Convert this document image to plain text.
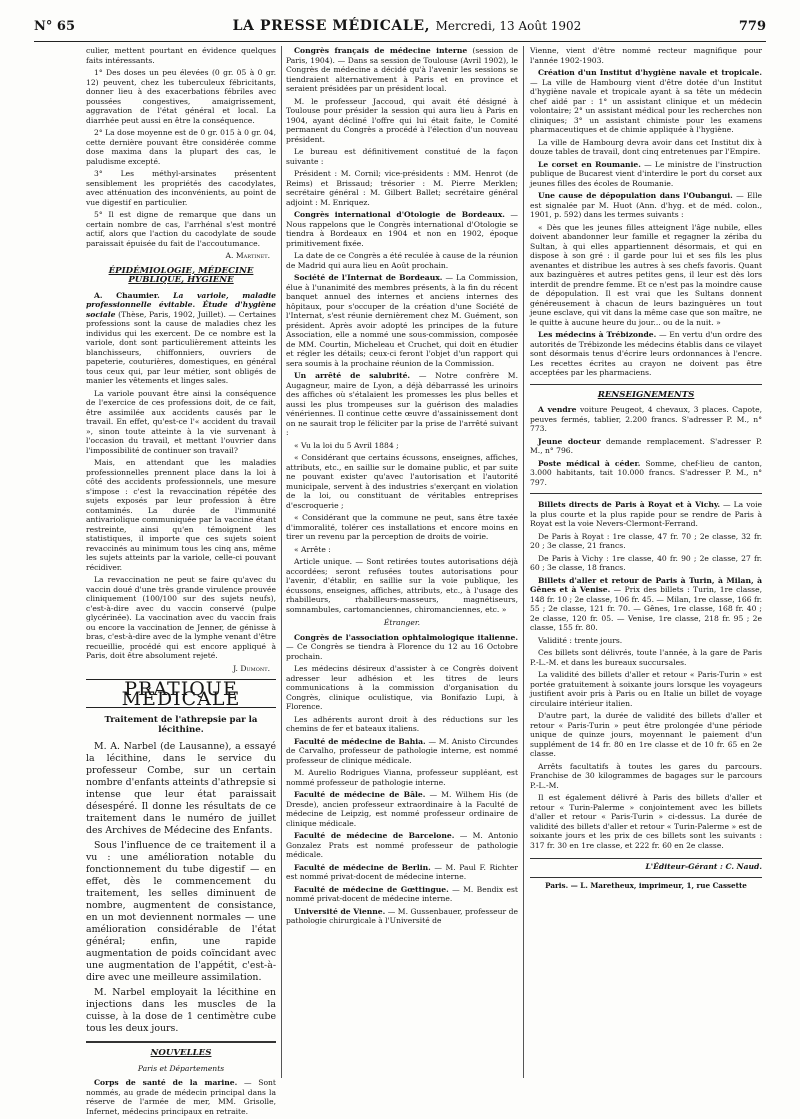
N° 65	LA PRESSE MÉDICALE, Mercredi, 13 Août 1902	779

culier, mettent pourtant en évidence quelques faits intéressants.

1° Des doses un peu élevées (0 gr. 05 à 0 gr. 12) peuvent, chez les tuberculeux fébricitants, donner lieu à des exacerbations fébriles avec poussées congestives, amaigrissement, aggravation de l'état général et local. La diarrhée peut aussi en être la conséquence.

2° La dose moyenne est de 0 gr. 015 à 0 gr. 04, cette dernière pouvant être considérée comme dose maxima dans la plupart des cas, le paludisme excepté.

3° Les méthyl-arsinates présentent sensiblement les propriétés des cacodylates, avec atténuation des inconvénients, au point de vue digestif en particulier.

5° Il est digne de remarque que dans un certain nombre de cas, l'arrhénal s'est montré actif, alors que l'action du cacodylate de soude paraissait épuisée du fait de l'accoutumance.

A. Martinet.
ÉPIDÉMIOLOGIE, MÉDECINE PUBLIQUE, HYGIÈNE

A. Chaumier. La variole, maladie professionnelle évitable. Étude d'hygiène sociale (Thèse, Paris, 1902, Juillet). — Certaines professions sont la cause de maladies chez les individus qui les exercent. De ce nombre est la variole, dont sont particulièrement atteints les blanchisseurs, chiffonniers, ouvriers de papeterie, couturières, domestiques, en général tous ceux qui, par leur métier, sont obligés de manier les vêtements et linges sales.

La variole pouvant être ainsi la conséquence de l'exercice de ces professions doit, de ce fait, être assimilée aux accidents causés par le travail. En effet, qu'est-ce l'« accident du travail », sinon toute atteinte à la vie survenant à l'occasion du travail, et mettant l'ouvrier dans l'impossibilité de continuer son travail?

Mais, en attendant que les maladies professionnelles prennent place dans la loi à côté des accidents professionnels, une mesure s'impose : c'est la revaccination répétée des sujets exposés par leur profession à être contaminés. La durée de l'immunité antivariolique communiquée par la vaccine étant restreinte, ainsi qu'en témoignent les statistiques, il importe que ces sujets soient revaccinés au minimum tous les cinq ans, même les sujets atteints par la variole, celle-ci pouvant récidiver.

La revaccination ne peut se faire qu'avec du vaccin doué d'une très grande virulence prouvée cliniquement (100/100 sur des sujets neufs), c'est-à-dire avec du vaccin conservé (pulpe glycérinée). La vaccination avec du vaccin frais ou encore la vaccination de Jenner, de génisse à bras, c'est-à-dire avec de la lymphe venant d'être recueillie, procédé qui est encore appliqué à Paris, doit être absolument rejeté.

J. Dumont.
PRATIQUE MÉDICALE
Traitement de l'athrepsie par la lécithine.

M. A. Narbel (de Lausanne), a essayé la lécithine, dans le service du professeur Combe, sur un certain nombre d'enfants atteints d'athrepsie si intense que leur état paraissait désespéré. Il donne les résultats de ce traitement dans le numéro de juillet des Archives de Médecine des Enfants.

Sous l'influence de ce traitement il a vu : une amélioration notable du fonctionnement du tube digestif — en effet, dès le commencement du traitement, les selles diminuent de nombre, augmentent de consistance, en un mot deviennent normales — une amélioration considérable de l'état général; enfin, une rapide augmentation de poids coïncidant avec une augmentation de l'appétit, c'est-à-dire avec une meilleure assimilation.

M. Narbel employait la lécithine en injections dans les muscles de la cuisse, à la dose de 1 centimètre cube tous les deux jours.

NOUVELLES
Paris et Départements

Corps de santé de la marine. — Sont nommés, au grade de médecin principal dans la réserve de l'armée de mer, MM. Grisolle, Infernet, médecins principaux en retraite.

Congrès français de médecine interne (session de Paris, 1904). — Dans sa session de Toulouse (Avril 1902), le Congrès de médecine a décidé qu'à l'avenir les sessions se tiendraient alternativement à Paris et en province et seraient présidées par un président local.

M. le professeur Jaccoud, qui avait été désigné à Toulouse pour présider la session qui aura lieu à Paris en 1904, ayant décliné l'offre qui lui était faite, le Comité permanent du Congrès a procédé à l'élection d'un nouveau président.

Le bureau est définitivement constitué de la façon suivante :

Président : M. Cornil; vice-présidents : MM. Henrot (de Reims) et Brissaud; trésorier : M. Pierre Merklen; secrétaire général : M. Gilbert Ballet; secrétaire général adjoint : M. Enriquez.

Congrès international d'Otologie de Bordeaux. — Nous rappelons que le Congrès international d'Otologie se tiendra à Bordeaux en 1904 et non en 1902, époque primitivement fixée.

La date de ce Congrès a été reculée à cause de la réunion de Madrid qui aura lieu en Août prochain.

Société de l'Internat de Bordeaux. — La Commission, élue à l'unanimité des membres présents, à la fin du récent banquet annuel des internes et anciens internes des hôpitaux, pour s'occuper de la création d'une Société de l'Internat, s'est réunie dernièrement chez M. Guément, son président. Après avoir adopté les principes de la future Association, elle a nommé une sous-commission, composée de MM. Courtin, Micheleau et Cruchet, qui doit en étudier et régler les détails; ceux-ci feront l'objet d'un rapport qui sera soumis à la prochaine réunion de la Commission.

Un arrêté de salubrité. — Notre confrère M. Augagneur, maire de Lyon, a déjà débarrassé les urinoirs des affiches où s'étalaient les promesses les plus belles et aussi les plus trompeuses sur la guérison des maladies vénériennes. Il continue cette œuvre d'assainissement dont on ne saurait trop le féliciter par la prise de l'arrêté suivant :

« Vu la loi du 5 Avril 1884 ;

« Considérant que certains écussons, enseignes, affiches, attributs, etc., en saillie sur le domaine public, et par suite ne pouvant exister qu'avec l'autorisation et l'autorité municipale, servent à des industries s'exerçant en violation de la loi, ou constituant de véritables entreprises d'escroquerie ;

« Considérant que la commune ne peut, sans être taxée d'immoralité, tolérer ces installations et encore moins en tirer un revenu par la perception de droits de voirie.

« Arrête :

Article unique. — Sont retirées toutes autorisations déjà accordées; seront refusées toutes autorisations pour l'avenir, d'établir, en saillie sur la voie publique, les écussons, enseignes, affiches, attributs, etc., à l'usage des rhabilleurs, rhabilleurs-masseurs, magnétiseurs, somnambules, cartomanciennes, chiromanciennes, etc. »

Étranger.

Congrès de l'association ophtalmologique italienne. — Ce Congrès se tiendra à Florence du 12 au 16 Octobre prochain.

Les médecins désireux d'assister à ce Congrès doivent adresser leur adhésion et les titres de leurs communications à la commission d'organisation du Congrès, clinique oculistique, via Bonifazio Lupi, à Florence.

Les adhérents auront droit à des réductions sur les chemins de fer et bateaux italiens.

Faculté de médecine de Bahia. — M. Anisto Circundes de Carvalho, professeur de pathologie interne, est nommé professeur de clinique médicale.

M. Aurelio Rodrigues Vianna, professeur suppléant, est nommé professeur de pathologie interne.

Faculté de médecine de Bâle. — M. Wilhem His (de Dresde), ancien professeur extraordinaire à la Faculté de médecine de Leipzig, est nommé professeur ordinaire de clinique médicale.

Faculté de médecine de Barcelone. — M. Antonio Gonzalez Prats est nommé professeur de pathologie médicale.

Faculté de médecine de Berlin. — M. Paul F. Richter est nommé privat-docent de médecine interne.

Faculté de médecine de Gœttingue. — M. Bendix est nommé privat-docent de médecine interne.

Université de Vienne. — M. Gussenbauer, professeur de pathologie chirurgicale à l'Université de

Vienne, vient d'être nommé recteur magnifique pour l'année 1902-1903.

Création d'un Institut d'hygiène navale et tropicale. — La ville de Hambourg vient d'être dotée d'un Institut d'hygiène navale et tropicale ayant à sa tête un médecin chef aidé par : 1° un assistant clinique et un médecin volontaire; 2° un assistant médical pour les recherches non cliniques; 3° un assistant chimiste pour les examens pharmaceutiques et de chimie appliquée à l'hygiène.

La ville de Hambourg devra avoir dans cet Institut dix à douze tables de travail, dont cinq entretenues par l'Empire.

Le corset en Roumanie. — Le ministre de l'instruction publique de Bucarest vient d'interdire le port du corset aux jeunes filles des écoles de Roumanie.

Une cause de dépopulation dans l'Oubangui. — Elle est signalée par M. Huot (Ann. d'hyg. et de méd. colon., 1901, p. 592) dans les termes suivants :

« Dès que les jeunes filles atteignent l'âge nubile, elles doivent abandonner leur famille et regagner la zériba du Sultan, à qui elles appartiennent désormais, et qui en dispose à son gré : il garde pour lui et ses fils les plus avenantes et distribue les autres à ses chefs favoris. Quant aux bazinguères et autres petites gens, il leur est dès lors interdit de prendre femme. Et ce n'est pas la moindre cause de dépopulation. Il est vrai que les Sultans donnent généreusement à chacun de leurs bazinguères un tout jeune esclave, qui vit dans la même case que son maître, ne le quitte à aucune heure du jour... ou de la nuit. »

Les médecins à Trébizonde. — En vertu d'un ordre des autorités de Trébizonde les médecins établis dans ce vilayet sont désormais tenus d'écrire leurs ordonnances à l'encre. Les recettes écrites au crayon ne doivent pas être acceptées par les pharmaciens.

RENSEIGNEMENTS

A vendre voiture Peugeot, 4 chevaux, 3 places. Capote, peuves fermés, tablier, 2.200 francs. S'adresser P. M., n° 773.

Jeune docteur demande remplacement. S'adresser P. M., n° 796.

Poste médical à céder. Somme, chef-lieu de canton, 3.000 habitants, tait 10.000 francs. S'adresser P. M., n° 797.

Billets directs de Paris à Royat et à Vichy. — La voie la plus courte et la plus rapide pour se rendre de Paris à Royat est la voie Nevers-Clermont-Ferrand.

De Paris à Royat : 1re classe, 47 fr. 70 ; 2e classe, 32 fr. 20 ; 3e classe, 21 francs.

De Paris à Vichy : 1re classe, 40 fr. 90 ; 2e classe, 27 fr. 60 ; 3e classe, 18 francs.

Billets d'aller et retour de Paris à Turin, à Milan, à Gênes et à Venise. — Prix des billets : Turin, 1re classe, 148 fr. 10 ; 2e classe, 106 fr. 45. — Milan, 1re classe, 166 fr. 55 ; 2e classe, 121 fr. 70. — Gênes, 1re classe, 168 fr. 40 ; 2e classe, 120 fr. 05. — Venise, 1re classe, 218 fr. 95 ; 2e classe, 155 fr. 80.

Validité : trente jours.

Ces billets sont délivrés, toute l'année, à la gare de Paris P.-L.-M. et dans les bureaux succursales.

La validité des billets d'aller et retour « Paris-Turin » est portée gratuitement à soixante jours lorsque les voyageurs justifient avoir pris à Paris ou en Italie un billet de voyage circulaire intérieur italien.

D'autre part, la durée de validité des billets d'aller et retour « Paris-Turin » peut être prolongée d'une période unique de quinze jours, moyennant le paiement d'un supplément de 14 fr. 80 en 1re classe et de 10 fr. 65 en 2e classe.

Arrêts facultatifs à toutes les gares du parcours. Franchise de 30 kilogrammes de bagages sur le parcours P.-L.-M.

Il est également délivré à Paris des billets d'aller et retour « Turin-Palerme » conjointement avec les billets d'aller et retour « Paris-Turin » ci-dessus. La durée de validité des billets d'aller et retour « Turin-Palerme » est de soixante jours et les prix de ces billets sont les suivants : 317 fr. 30 en 1re classe, et 222 fr. 60 en 2e classe.

L'Éditeur-Gérant : C. Naud.
Paris. — L. Maretheux, imprimeur, 1, rue Cassette
